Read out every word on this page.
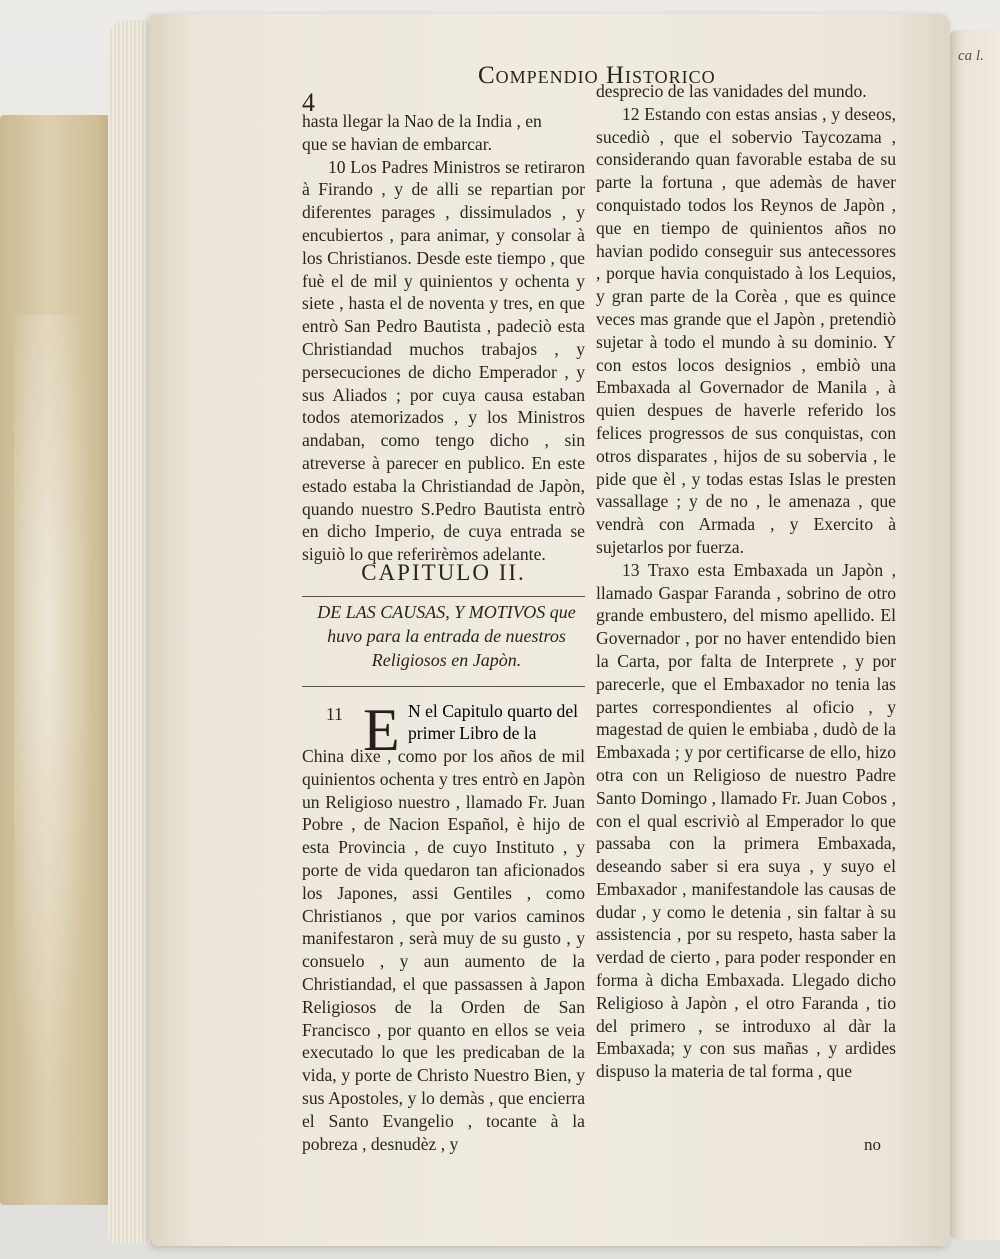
ca l.
4
Compendio Historico

hasta llegar la Nao de la India , en

que se havian de embarcar.

10 Los Padres Ministros se retiraron à Firando , y de alli se repartian por diferentes parages , dissimulados , y encubiertos , para animar, y consolar à los Christianos. Desde este tiempo , que fuè el de mil y quinientos y ochenta y siete , hasta el de noventa y tres, en que entrò San Pedro Bautista , padeciò esta Christiandad muchos trabajos , y persecuciones de dicho Emperador , y sus Aliados ; por cuya causa estaban todos atemorizados , y los Ministros andaban, como tengo dicho , sin atreverse à parecer en publico. En este estado estaba la Christiandad de Japòn, quando nuestro S.Pedro Bautista entrò en dicho Imperio, de cuya entrada se siguiò lo que referirèmos adelante.

CAPITULO II.
DE LAS CAUSAS, Y MOTIVOS que huvo para la entrada de nuestros Religiosos en Japòn.
11 E N el Capitulo quarto del
primer Libro de la

China dixe , como por los años de mil quinientos ochenta y tres entrò en Japòn un Religioso nuestro , llamado Fr. Juan Pobre , de Nacion Español, è hijo de esta Provincia , de cuyo Instituto , y porte de vida quedaron tan aficionados los Japones, assi Gentiles , como Christianos , que por varios caminos manifestaron , serà muy de su gusto , y consuelo , y aun aumento de la Christiandad, el que passassen à Japon Religiosos de la Orden de San Francisco , por quanto en ellos se veia executado lo que les predicaban de la vida, y porte de Christo Nuestro Bien, y sus Apostoles, y lo demàs , que encierra el Santo Evangelio , tocante à la pobreza , desnudèz , y

desprecio de las vanidades del mundo.

12 Estando con estas ansias , y deseos, sucediò , que el sobervio Taycozama , considerando quan favorable estaba de su parte la fortuna , que ademàs de haver conquistado todos los Reynos de Japòn , que en tiempo de quinientos años no havian podido conseguir sus antecessores , porque havia conquistado à los Lequios, y gran parte de la Corèa , que es quince veces mas grande que el Japòn , pretendiò sujetar à todo el mundo à su dominio. Y con estos locos designios , embiò una Embaxada al Governador de Manila , à quien despues de haverle referido los felices progressos de sus conquistas, con otros disparates , hijos de su sobervia , le pide que èl , y todas estas Islas le presten vassallage ; y de no , le amenaza , que vendrà con Armada , y Exercito à sujetarlos por fuerza.

13 Traxo esta Embaxada un Japòn , llamado Gaspar Faranda , sobrino de otro grande embustero, del mismo apellido. El Governador , por no haver entendido bien la Carta, por falta de Interprete , y por parecerle, que el Embaxador no tenia las partes correspondientes al oficio , y magestad de quien le embiaba , dudò de la Embaxada ; y por certificarse de ello, hizo otra con un Religioso de nuestro Padre Santo Domingo , llamado Fr. Juan Cobos , con el qual escriviò al Emperador lo que passaba con la primera Embaxada, deseando saber si era suya , y suyo el Embaxador , manifestandole las causas de dudar , y como le detenia , sin faltar à su assistencia , por su respeto, hasta saber la verdad de cierto , para poder responder en forma à dicha Embaxada. Llegado dicho Religioso à Japòn , el otro Faranda , tio del primero , se introduxo al dàr la Embaxada; y con sus mañas , y ardides dispuso la materia de tal forma , que

no
